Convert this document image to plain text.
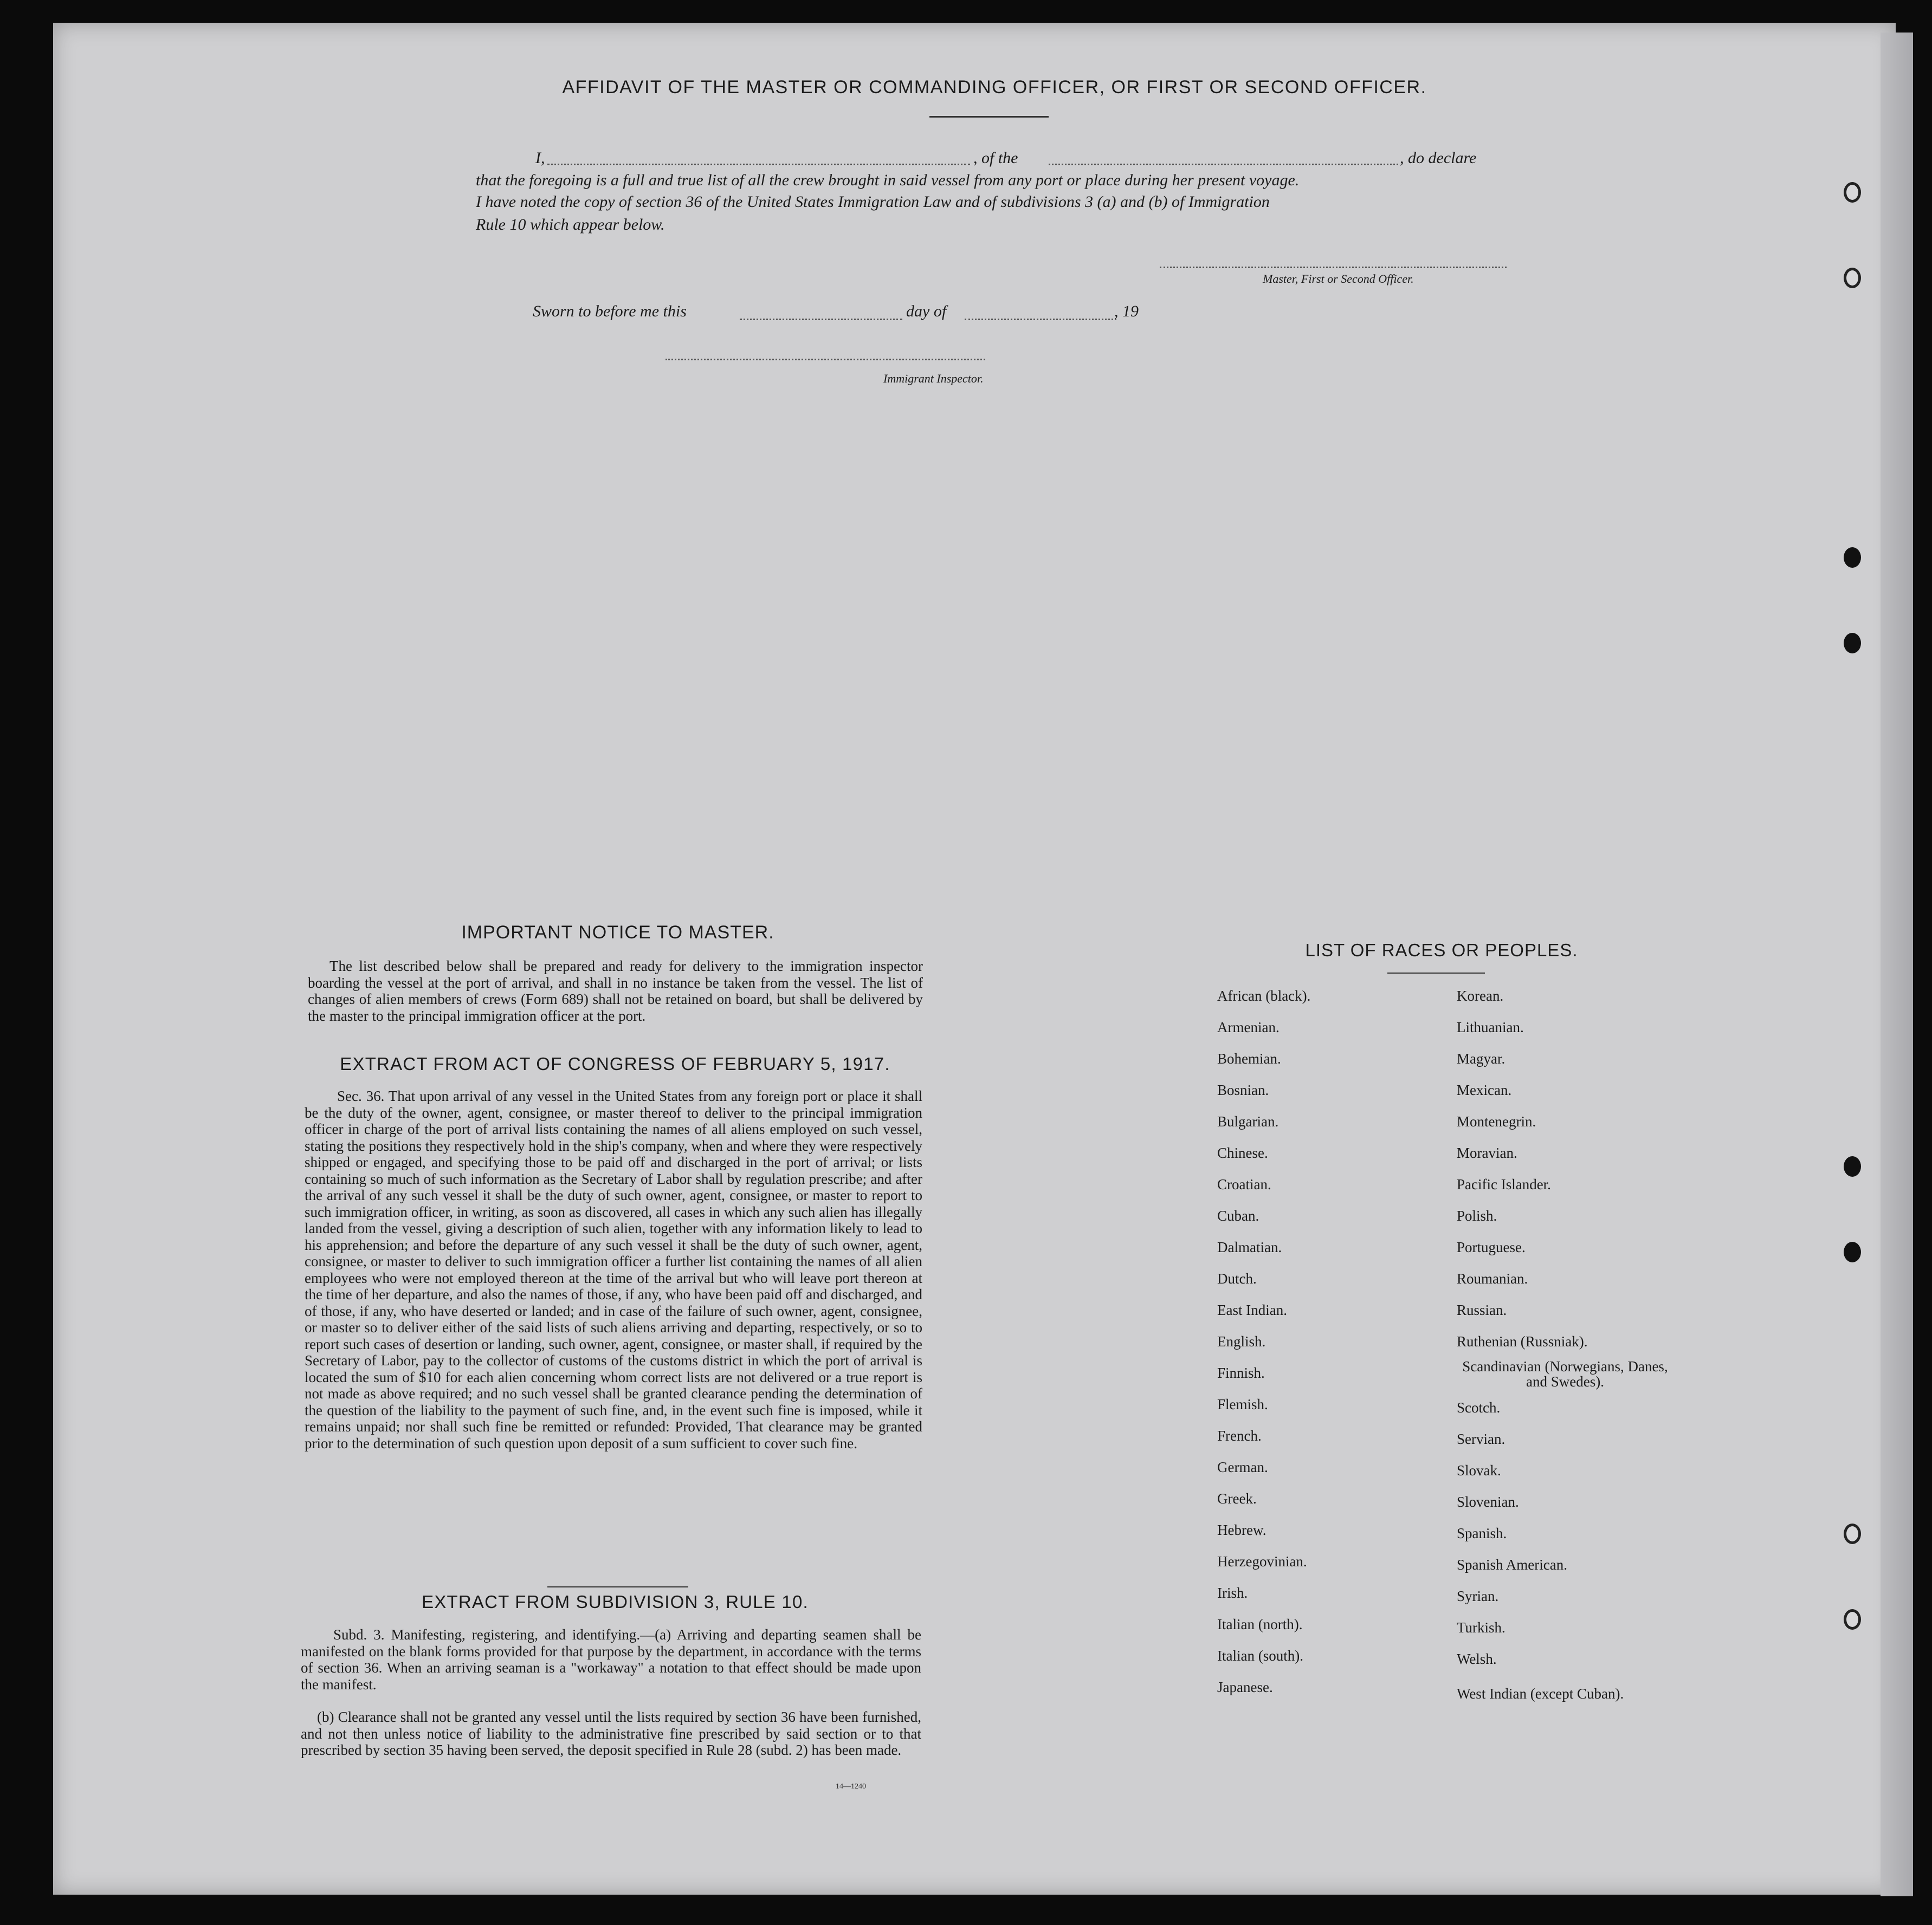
AFFIDAVIT OF THE MASTER OR COMMANDING OFFICER, OR FIRST OR SECOND OFFICER.
I,	, of the	, do declare
that the foregoing is a full and true list of all the crew brought in said vessel from any port or place during her present voyage.
I have noted the copy of section 36 of the United States Immigration Law and of subdivisions 3 (a) and (b) of Immigration
Rule 10 which appear below.
Master, First or Second Officer.
Sworn to before me this	day of	, 19
Immigrant Inspector.
IMPORTANT NOTICE TO MASTER.
The list described below shall be prepared and ready for delivery to the immigration inspector boarding the vessel at the port of arrival, and shall in no instance be taken from the vessel. The list of changes of alien members of crews (Form 689) shall not be retained on board, but shall be delivered by the master to the principal immigration officer at the port.
EXTRACT FROM ACT OF CONGRESS OF FEBRUARY 5, 1917.
Sec. 36. That upon arrival of any vessel in the United States from any foreign port or place it shall be the duty of the owner, agent, consignee, or master thereof to deliver to the principal immigration officer in charge of the port of arrival lists containing the names of all aliens employed on such vessel, stating the positions they respectively hold in the ship's company, when and where they were respectively shipped or engaged, and specifying those to be paid off and discharged in the port of arrival; or lists containing so much of such information as the Secretary of Labor shall by regulation prescribe; and after the arrival of any such vessel it shall be the duty of such owner, agent, consignee, or master to report to such immigration officer, in writing, as soon as discovered, all cases in which any such alien has illegally landed from the vessel, giving a description of such alien, together with any information likely to lead to his apprehension; and before the departure of any such vessel it shall be the duty of such owner, agent, consignee, or master to deliver to such immigration officer a further list containing the names of all alien employees who were not employed thereon at the time of the arrival but who will leave port thereon at the time of her departure, and also the names of those, if any, who have been paid off and discharged, and of those, if any, who have deserted or landed; and in case of the failure of such owner, agent, consignee, or master so to deliver either of the said lists of such aliens arriving and departing, respectively, or so to report such cases of desertion or landing, such owner, agent, consignee, or master shall, if required by the Secretary of Labor, pay to the collector of customs of the customs district in which the port of arrival is located the sum of $10 for each alien concerning whom correct lists are not delivered or a true report is not made as above required; and no such vessel shall be granted clearance pending the determination of the question of the liability to the payment of such fine, and, in the event such fine is imposed, while it remains unpaid; nor shall such fine be remitted or refunded: Provided, That clearance may be granted prior to the determination of such question upon deposit of a sum sufficient to cover such fine.
EXTRACT FROM SUBDIVISION 3, RULE 10.
Subd. 3. Manifesting, registering, and identifying.—(a) Arriving and departing seamen shall be manifested on the blank forms provided for that purpose by the department, in accordance with the terms of section 36. When an arriving seaman is a "workaway" a notation to that effect should be made upon the manifest.
(b) Clearance shall not be granted any vessel until the lists required by section 36 have been furnished, and not then unless notice of liability to the administrative fine prescribed by said section or to that prescribed by section 35 having been served, the deposit specified in Rule 28 (subd. 2) has been made.
14—1240
LIST OF RACES OR PEOPLES.
African (black).
Armenian.
Bohemian.
Bosnian.
Bulgarian.
Chinese.
Croatian.
Cuban.
Dalmatian.
Dutch.
East Indian.
English.
Finnish.
Flemish.
French.
German.
Greek.
Hebrew.
Herzegovinian.
Irish.
Italian (north).
Italian (south).
Japanese.
Korean.
Lithuanian.
Magyar.
Mexican.
Montenegrin.
Moravian.
Pacific Islander.
Polish.
Portuguese.
Roumanian.
Russian.
Ruthenian (Russniak).
Scandinavian (Norwegians, Danes, and Swedes).
Scotch.
Servian.
Slovak.
Slovenian.
Spanish.
Spanish American.
Syrian.
Turkish.
Welsh.
West Indian (except Cuban).
